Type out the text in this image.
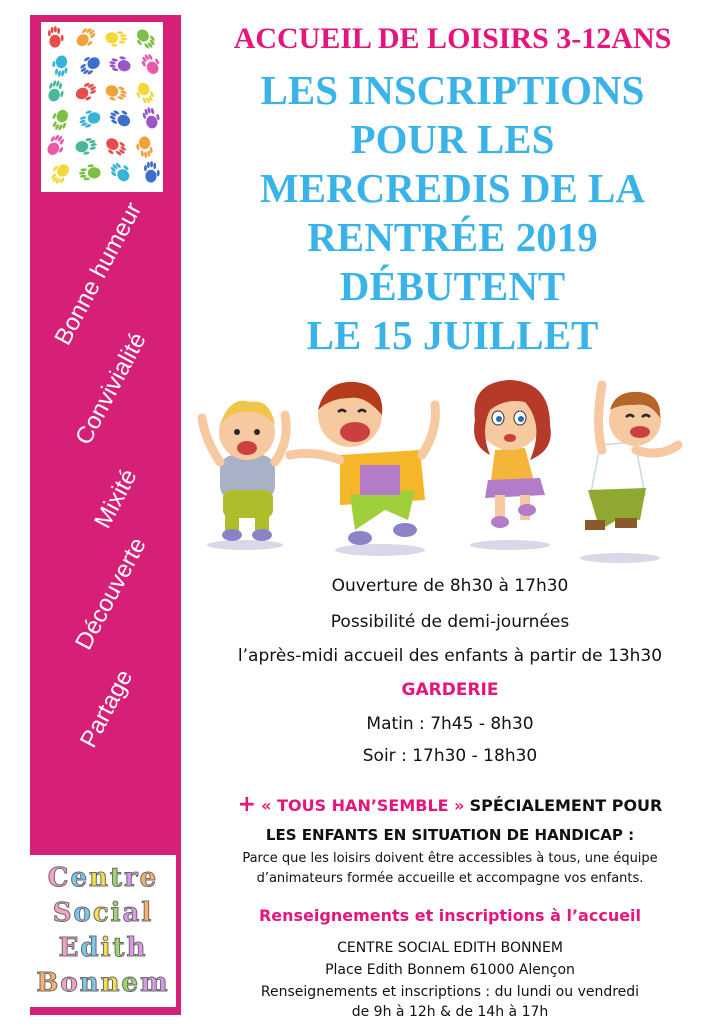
Bonne humeur
Convivialité
Mixité
Découverte
Partage
Centre
Social
Edith
Bonnem
ACCUEIL DE LOISIRS 3-12ANS
LES INSCRIPTIONS
POUR LES
MERCREDIS DE LA
RENTRÉE 2019
DÉBUTENT
LE 15 JUILLET
Ouverture de 8h30 à 17h30
Possibilité de demi-journées
l’après-midi accueil des enfants à partir de 13h30
GARDERIE
Matin : 7h45 - 8h30
Soir : 17h30 - 18h30
+ « TOUS HAN’SEMBLE » SPÉCIALEMENT POUR
LES ENFANTS EN SITUATION DE HANDICAP :
Parce que les loisirs doivent être accessibles à tous, une équipe
d’animateurs formée accueille et accompagne vos enfants.
Renseignements et inscriptions à l’accueil
CENTRE SOCIAL EDITH BONNEM
Place Edith Bonnem 61000 Alençon
Renseignements et inscriptions : du lundi ou vendredi
de 9h à 12h & de 14h à 17h
